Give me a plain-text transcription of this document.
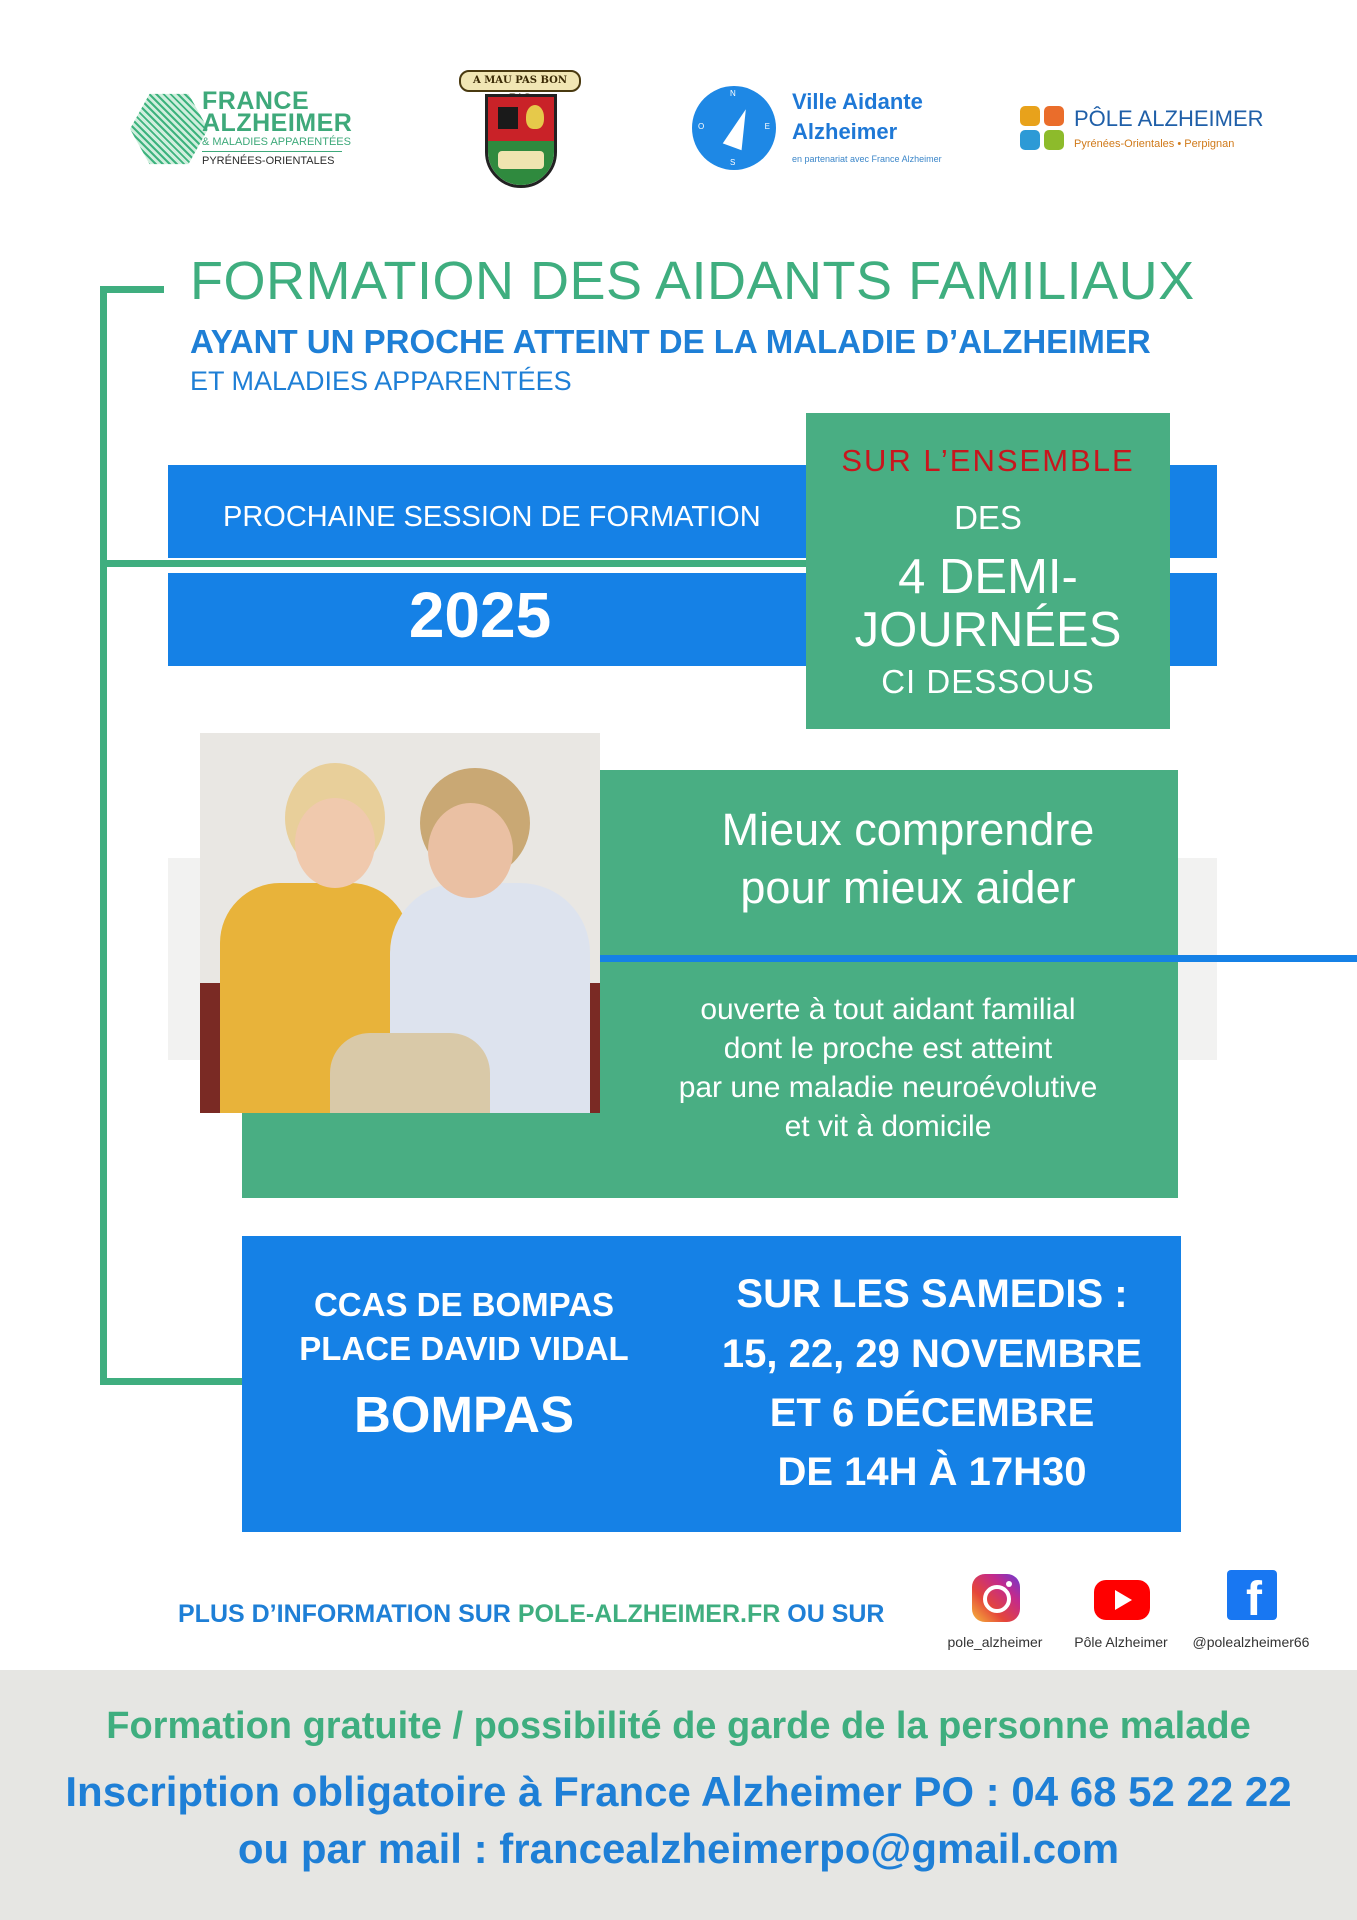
FRANCE
ALZHEIMER
& MALADIES APPARENTÉES
PYRÉNÉES-ORIENTALES
A MAU PAS BON
N
E
S
O
Ville Aidante
Alzheimer
en partenariat avec France Alzheimer
PÔLE ALZHEIMER
Pyrénées-Orientales • Perpignan
FORMATION DES AIDANTS FAMILIAUX
AYANT UN PROCHE ATTEINT DE LA MALADIE D’ALZHEIMER
ET MALADIES APPARENTÉES
PROCHAINE SESSION DE FORMATION
2025
SUR L’ENSEMBLE
DES
4 DEMI-
JOURNÉES
CI DESSOUS
Mieux comprendre
pour mieux aider
ouverte à tout aidant familial
dont le proche est atteint
par une maladie neuroévolutive
et vit à domicile
CCAS DE BOMPAS
PLACE DAVID VIDAL
BOMPAS
SUR LES SAMEDIS :
15, 22, 29 NOVEMBRE
ET 6 DÉCEMBRE
DE 14H À 17H30
PLUS D’INFORMATION SUR POLE-ALZHEIMER.FR OU SUR
pole_alzheimer	Pôle Alzheimer
f
@polealzheimer66
Formation gratuite / possibilité de garde de la personne malade
Inscription obligatoire à France Alzheimer PO : 04 68 52 22 22
ou par mail : francealzheimerpo@gmail.com
